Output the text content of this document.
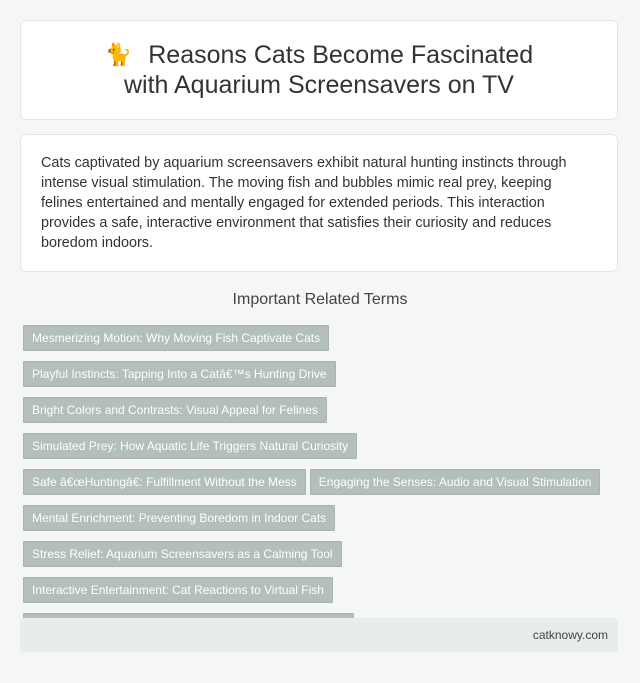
🐈 Reasons Cats Become Fascinated with Aquarium Screensavers on TV

Cats captivated by aquarium screensavers exhibit natural hunting instincts through intense visual stimulation. The moving fish and bubbles mimic real prey, keeping felines entertained and mentally engaged for extended periods. This interaction provides a safe, interactive environment that satisfies their curiosity and reduces boredom indoors.

Important Related Terms
Mesmerizing Motion: Why Moving Fish Captivate Cats
Playful Instincts: Tapping Into a Catâ€™s Hunting Drive
Bright Colors and Contrasts: Visual Appeal for Felines
Simulated Prey: How Aquatic Life Triggers Natural Curiosity
Safe â€œHuntingâ€: Fulfillment Without the Mess	Engaging the Senses: Audio and Visual Stimulation
Mental Enrichment: Preventing Boredom in Indoor Cats
Stress Relief: Aquarium Screensavers as a Calming Tool
Interactive Entertainment: Cat Reactions to Virtual Fish
catknowy.com
